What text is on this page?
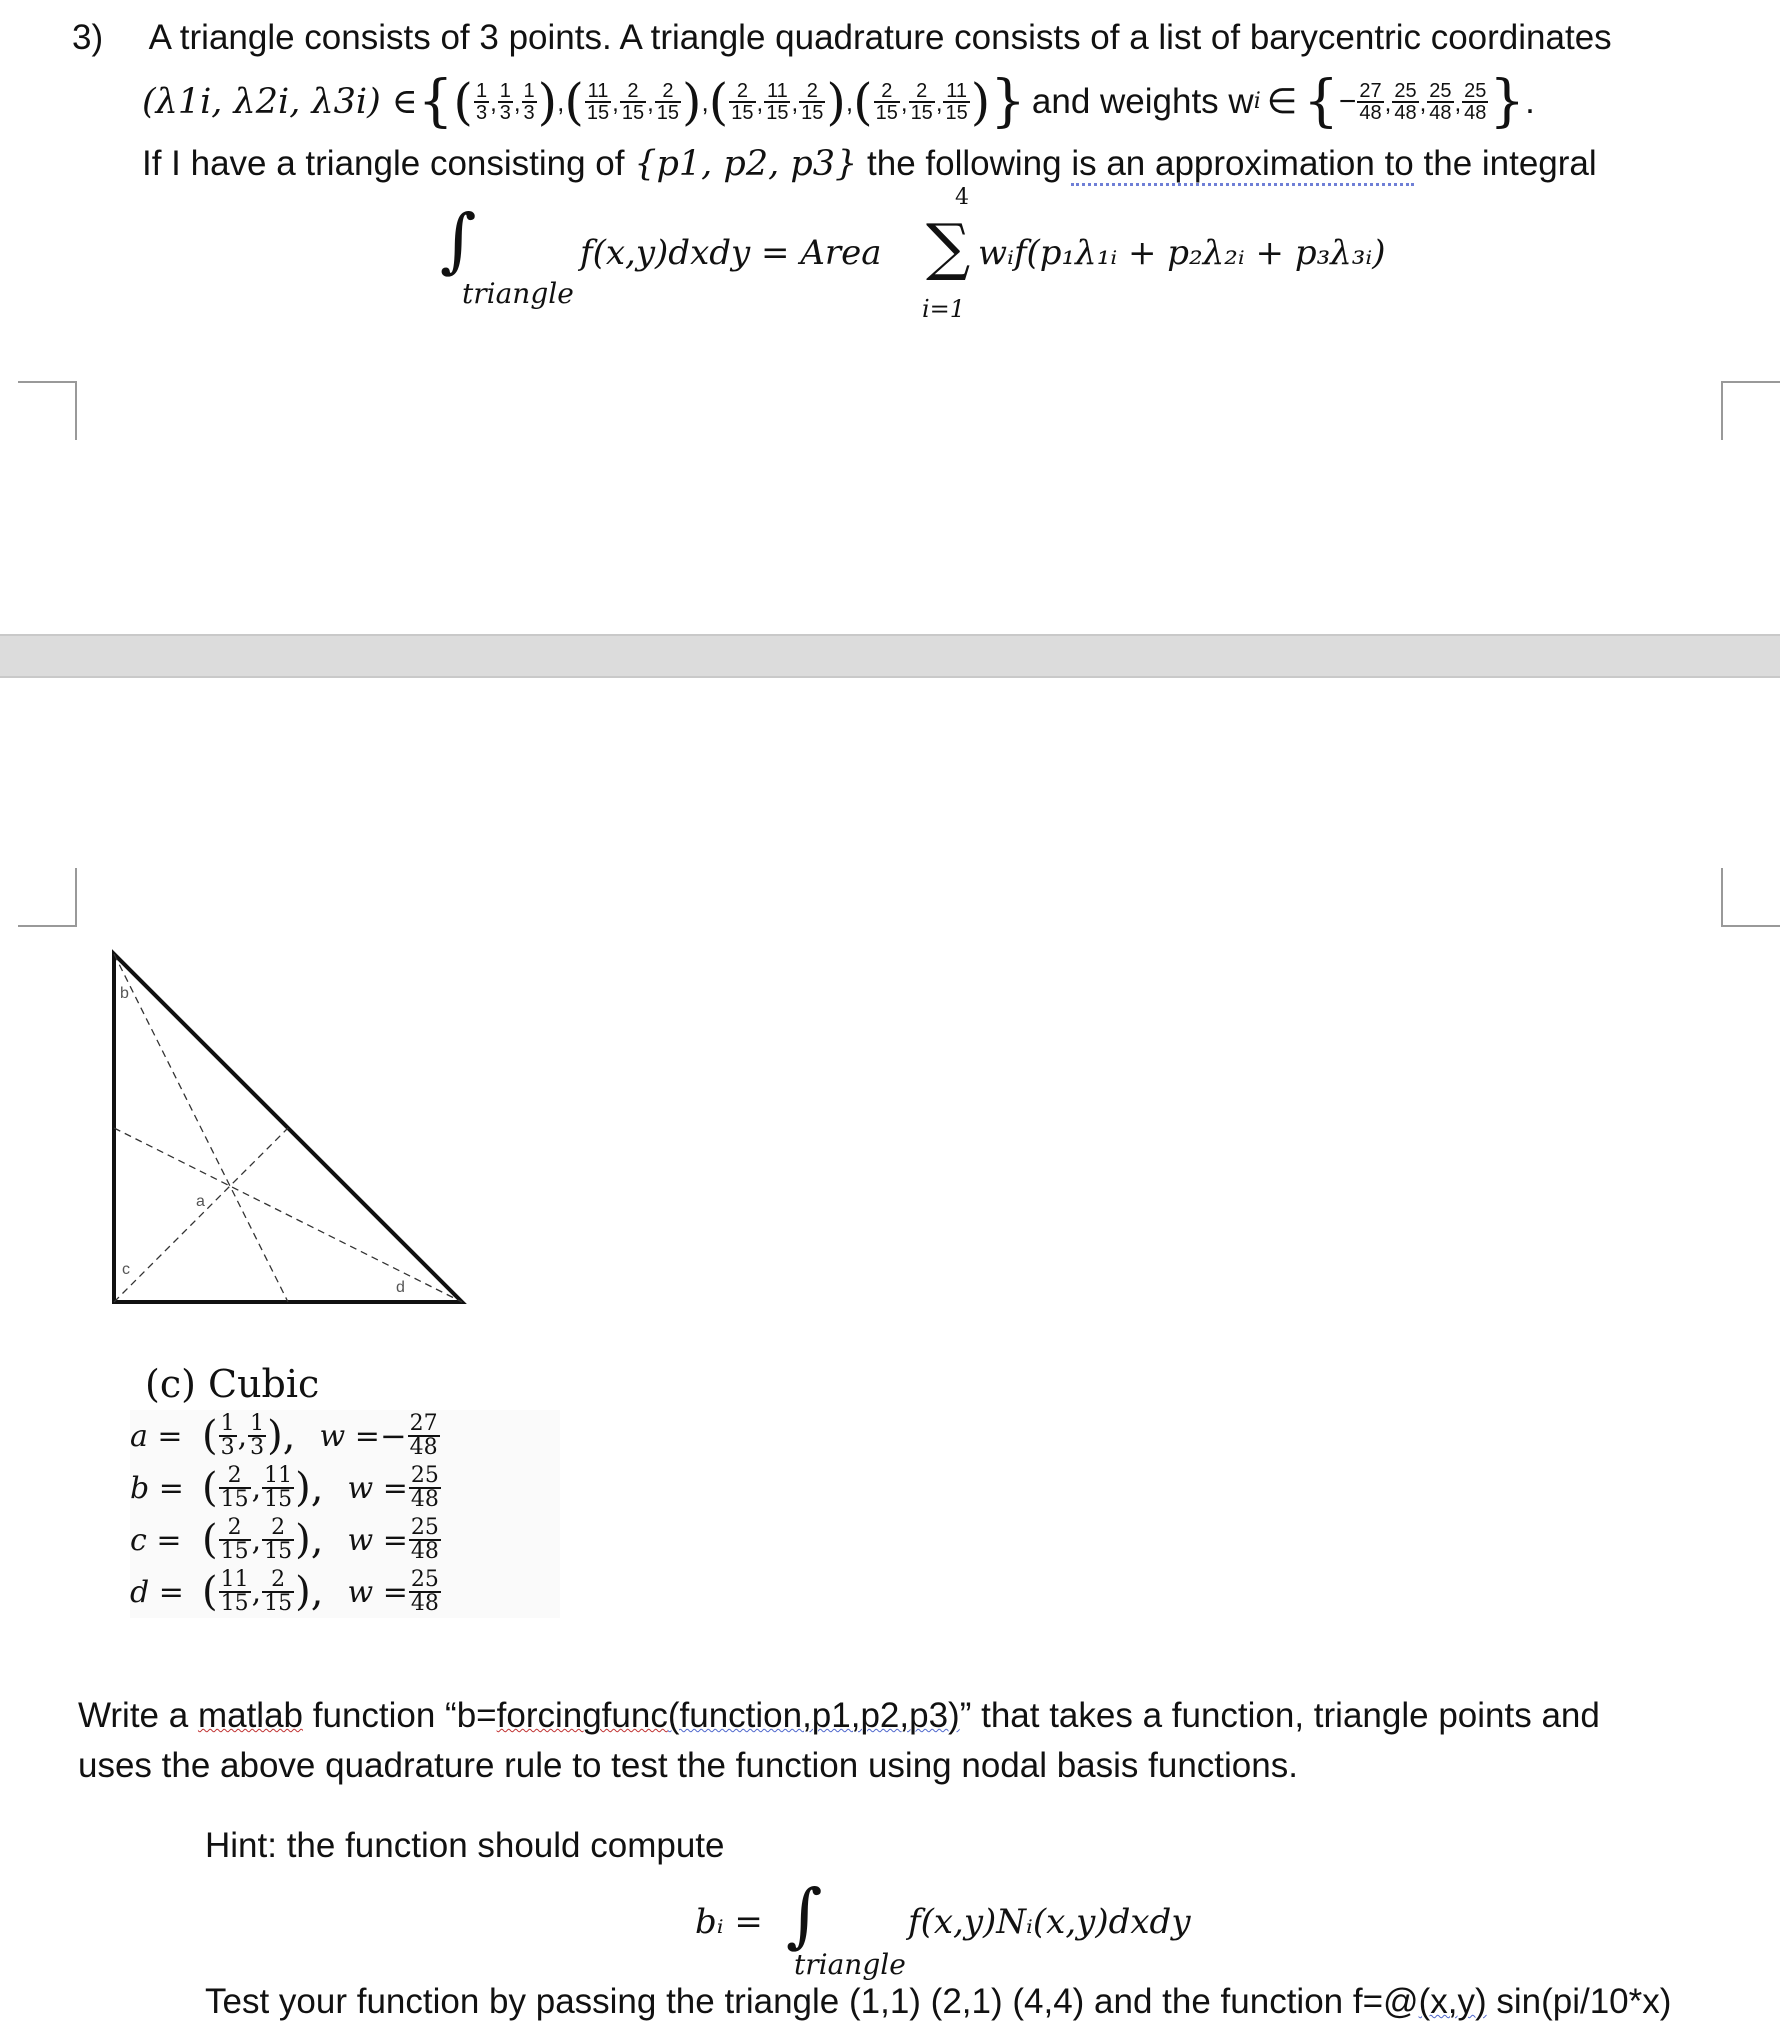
3) A triangle consists of 3 points. A triangle quadrature consists of a list of barycentric coordinates
(λ1i, λ2i, λ3i) ∈ { ( $\frac{1}{3}$ , $\frac{1}{3}$ , $\frac{1}{3}$ ),( $\frac{11}{15}$ , $\frac{2}{15}$ , $\frac{2}{15}$ ),( $\frac{2}{15}$ , $\frac{11}{15}$ , $\frac{2}{15}$ ),( $\frac{2}{15}$ , $\frac{2}{15}$ , $\frac{11}{15}$ ) } and weights w i ∈ { − $\frac{27}{48}$ , $\frac{25}{48}$ , $\frac{25}{48}$ , $\frac{25}{48}$ } .
If I have a triangle consisting of {p1, p2, p3} the following is an approximation to the integral
∫
triangle
f(x,y)dxdy = Area
4
∑
i=1
wᵢf(p₁λ₁ᵢ + p₂λ₂ᵢ + p₃λ₃ᵢ)
b
a
c
d
(c) Cubic
a = ( $\frac{1}{3}$ , $\frac{1}{3}$ ), w = − $\frac{27}{48}$
b = ( $\frac{2}{15}$ , $\frac{11}{15}$ ), $w = \frac{25}{48}$
c = ( $\frac{2}{15}$ , $\frac{2}{15}$ ), $w = \frac{25}{48}$
d = ( $\frac{11}{15}$ , $\frac{2}{15}$ ), $w = \frac{25}{48}$
Write a matlab function “b=forcingfunc(function,p1,p2,p3)” that takes a function, triangle points and
uses the above quadrature rule to test the function using nodal basis functions.
Hint: the function should compute
bᵢ = ∫
triangle
f(x,y)Nᵢ(x,y)dxdy
Test your function by passing the triangle (1,1) (2,1) (4,4) and the function f=@(x,y) sin(pi/10*x)
